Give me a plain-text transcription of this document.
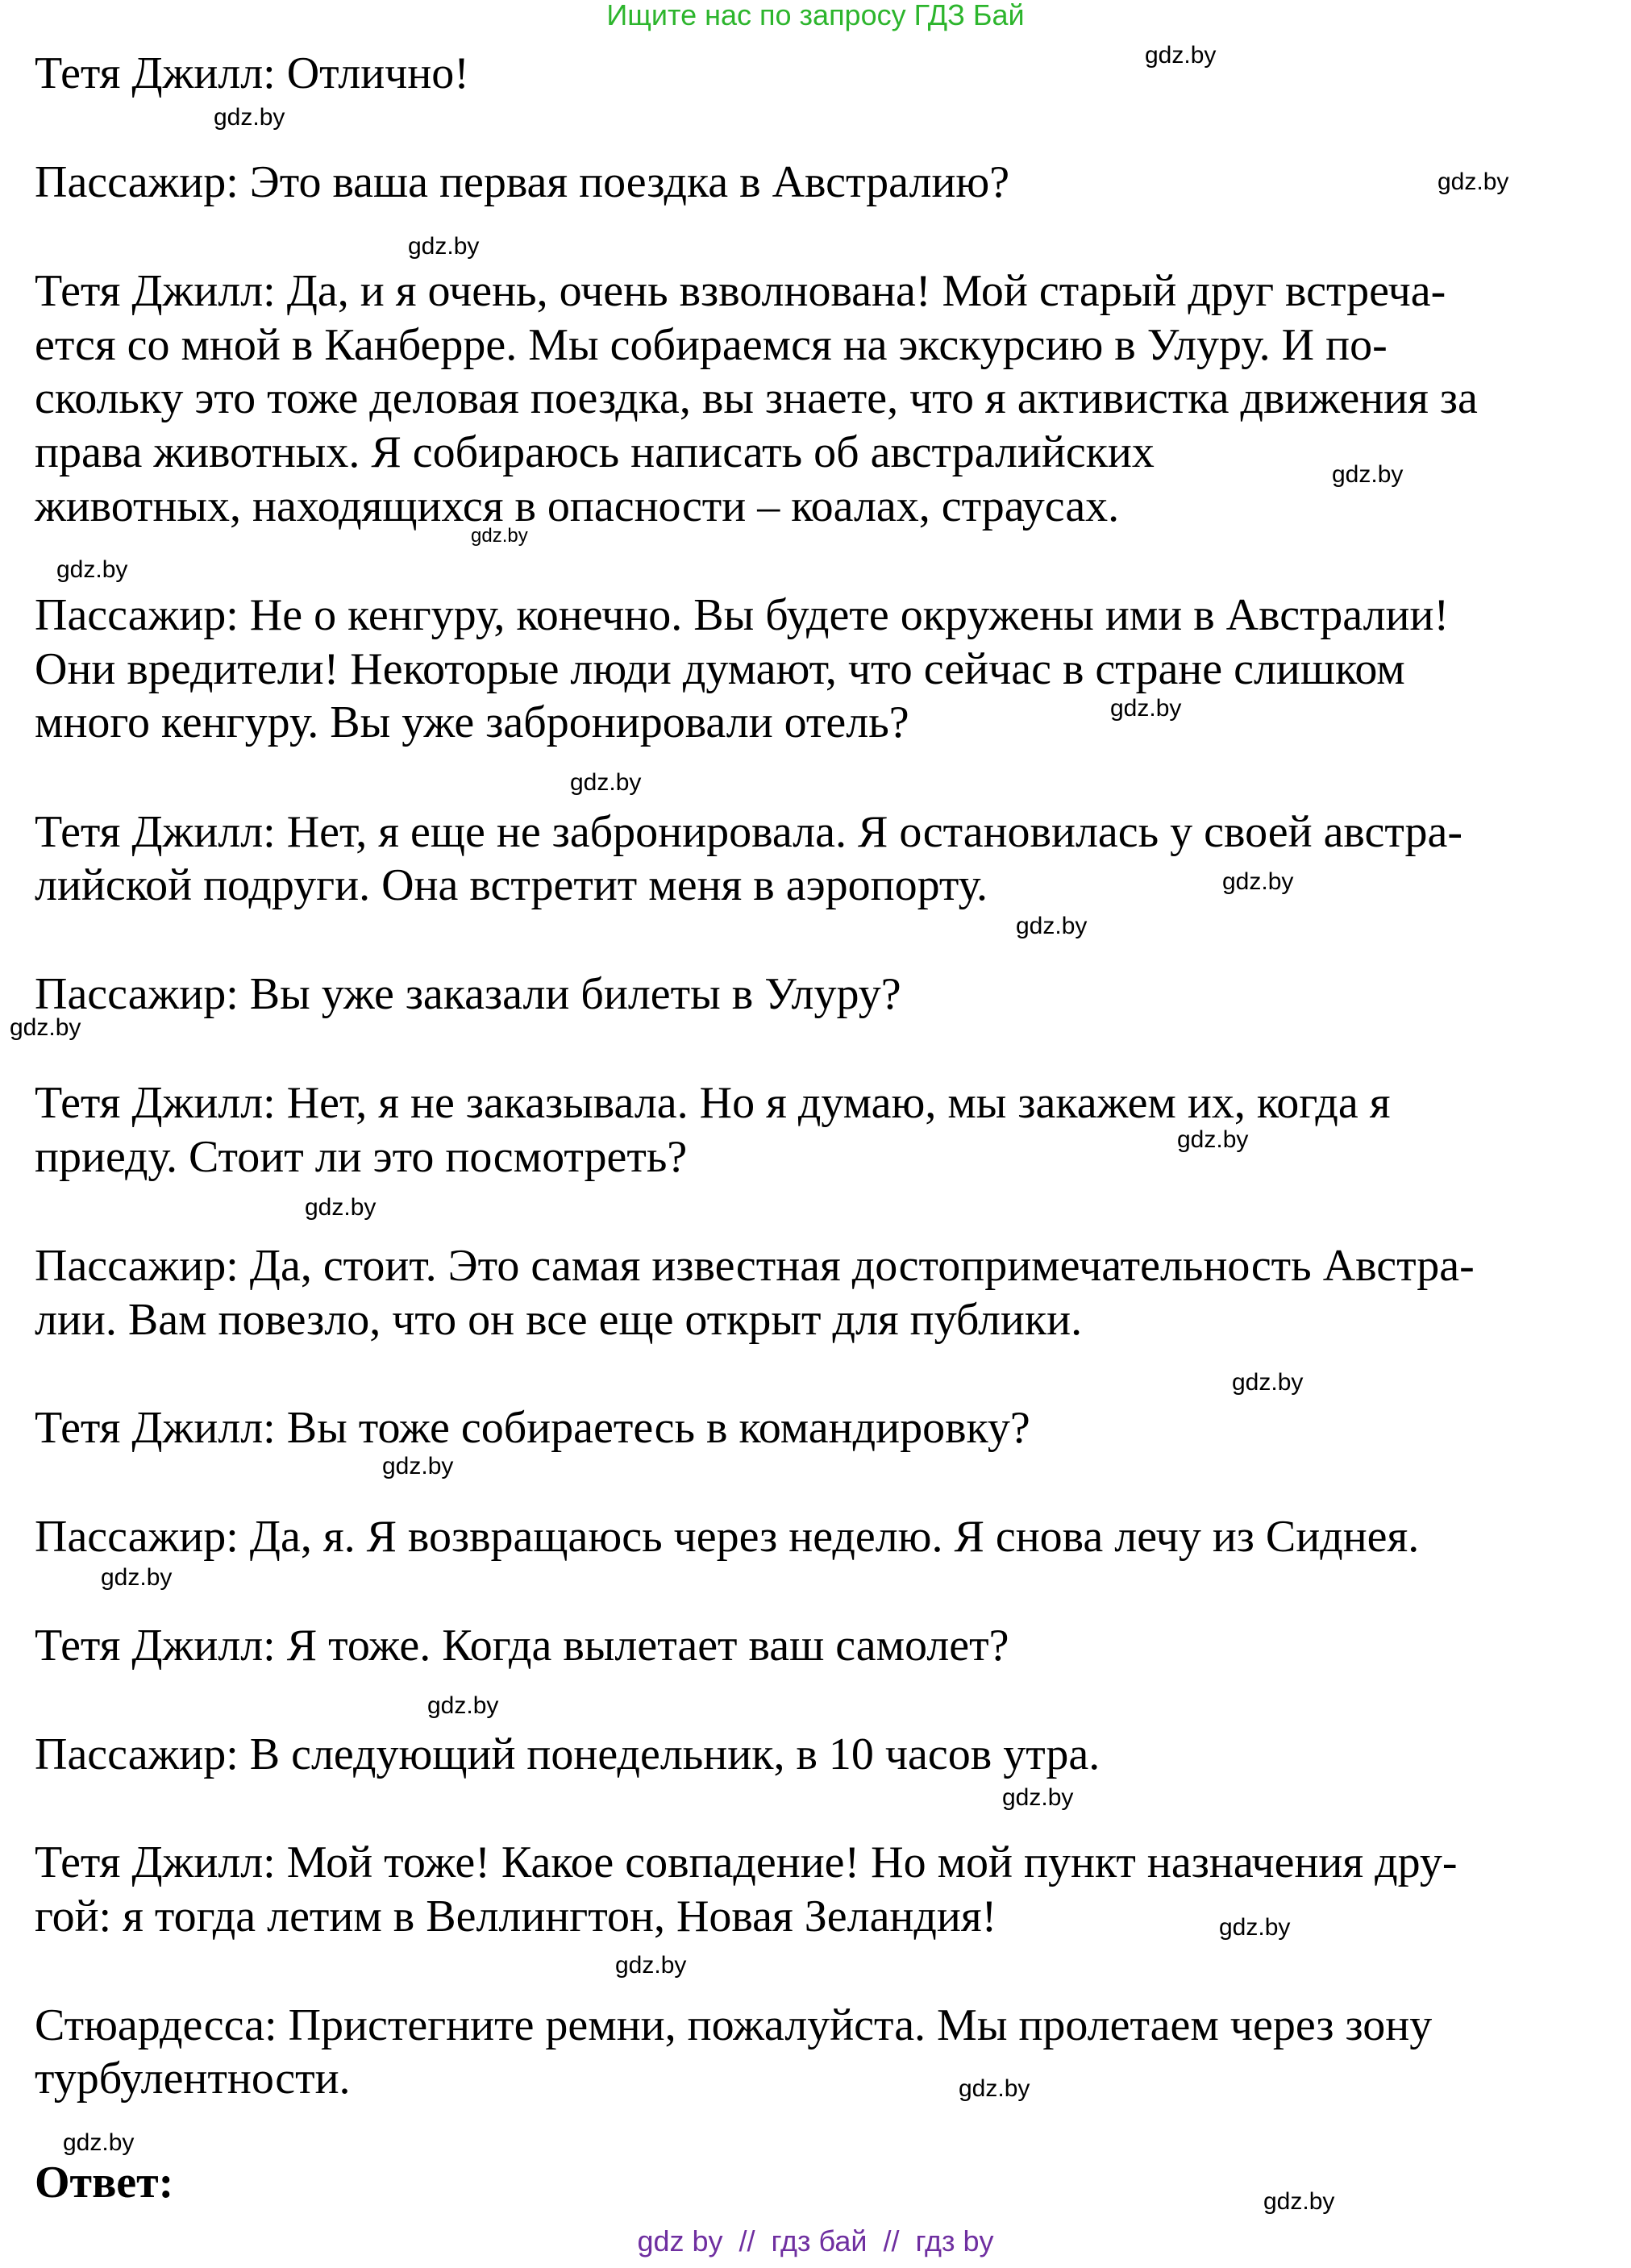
Ищите нас по запросу ГДЗ Бай
Тетя Джилл: Отлично!
Пассажир: Это ваша первая поездка в Австралию?
Тетя Джилл: Да, и я очень, очень взволнована! Мой старый друг встреча-
ется со мной в Канберре. Мы собираемся на экскурсию в Улуру. И по-
скольку это тоже деловая поездка, вы знаете, что я активистка движения за
права животных. Я собираюсь написать об австралийских
животных, находящихся в опасности – коалах, страусах.
Пассажир: Не о кенгуру, конечно. Вы будете окружены ими в Австралии!
Они вредители! Некоторые люди думают, что сейчас в стране слишком
много кенгуру. Вы уже забронировали отель?
Тетя Джилл: Нет, я еще не забронировала. Я остановилась у своей австра-
лийской подруги. Она встретит меня в аэропорту.
Пассажир: Вы уже заказали билеты в Улуру?
Тетя Джилл: Нет, я не заказывала. Но я думаю, мы закажем их, когда я
приеду. Стоит ли это посмотреть?
Пассажир: Да, стоит. Это самая известная достопримечательность Австра-
лии. Вам повезло, что он все еще открыт для публики.
Тетя Джилл: Вы тоже собираетесь в командировку?
Пассажир: Да, я. Я возвращаюсь через неделю. Я снова лечу из Сиднея.
Тетя Джилл: Я тоже. Когда вылетает ваш самолет?
Пассажир: В следующий понедельник, в 10 часов утра.
Тетя Джилл: Мой тоже! Какое совпадение! Но мой пункт назначения дру-
гой: я тогда летим в Веллингтон, Новая Зеландия!
Стюардесса: Пристегните ремни, пожалуйста. Мы пролетаем через зону
турбулентности.
gdz.by
gdz.by
gdz.by
gdz.by
gdz.by
gdz.by
gdz.by
gdz.by
gdz.by
gdz.by
gdz.by
gdz.by
gdz.by
gdz.by
gdz.by
gdz.by
gdz.by
gdz.by
gdz.by
gdz.by
gdz.by
gdz.by
gdz.by
gdz.by
Ответ:
gdz by  //  гдз бай  //  гдз by
